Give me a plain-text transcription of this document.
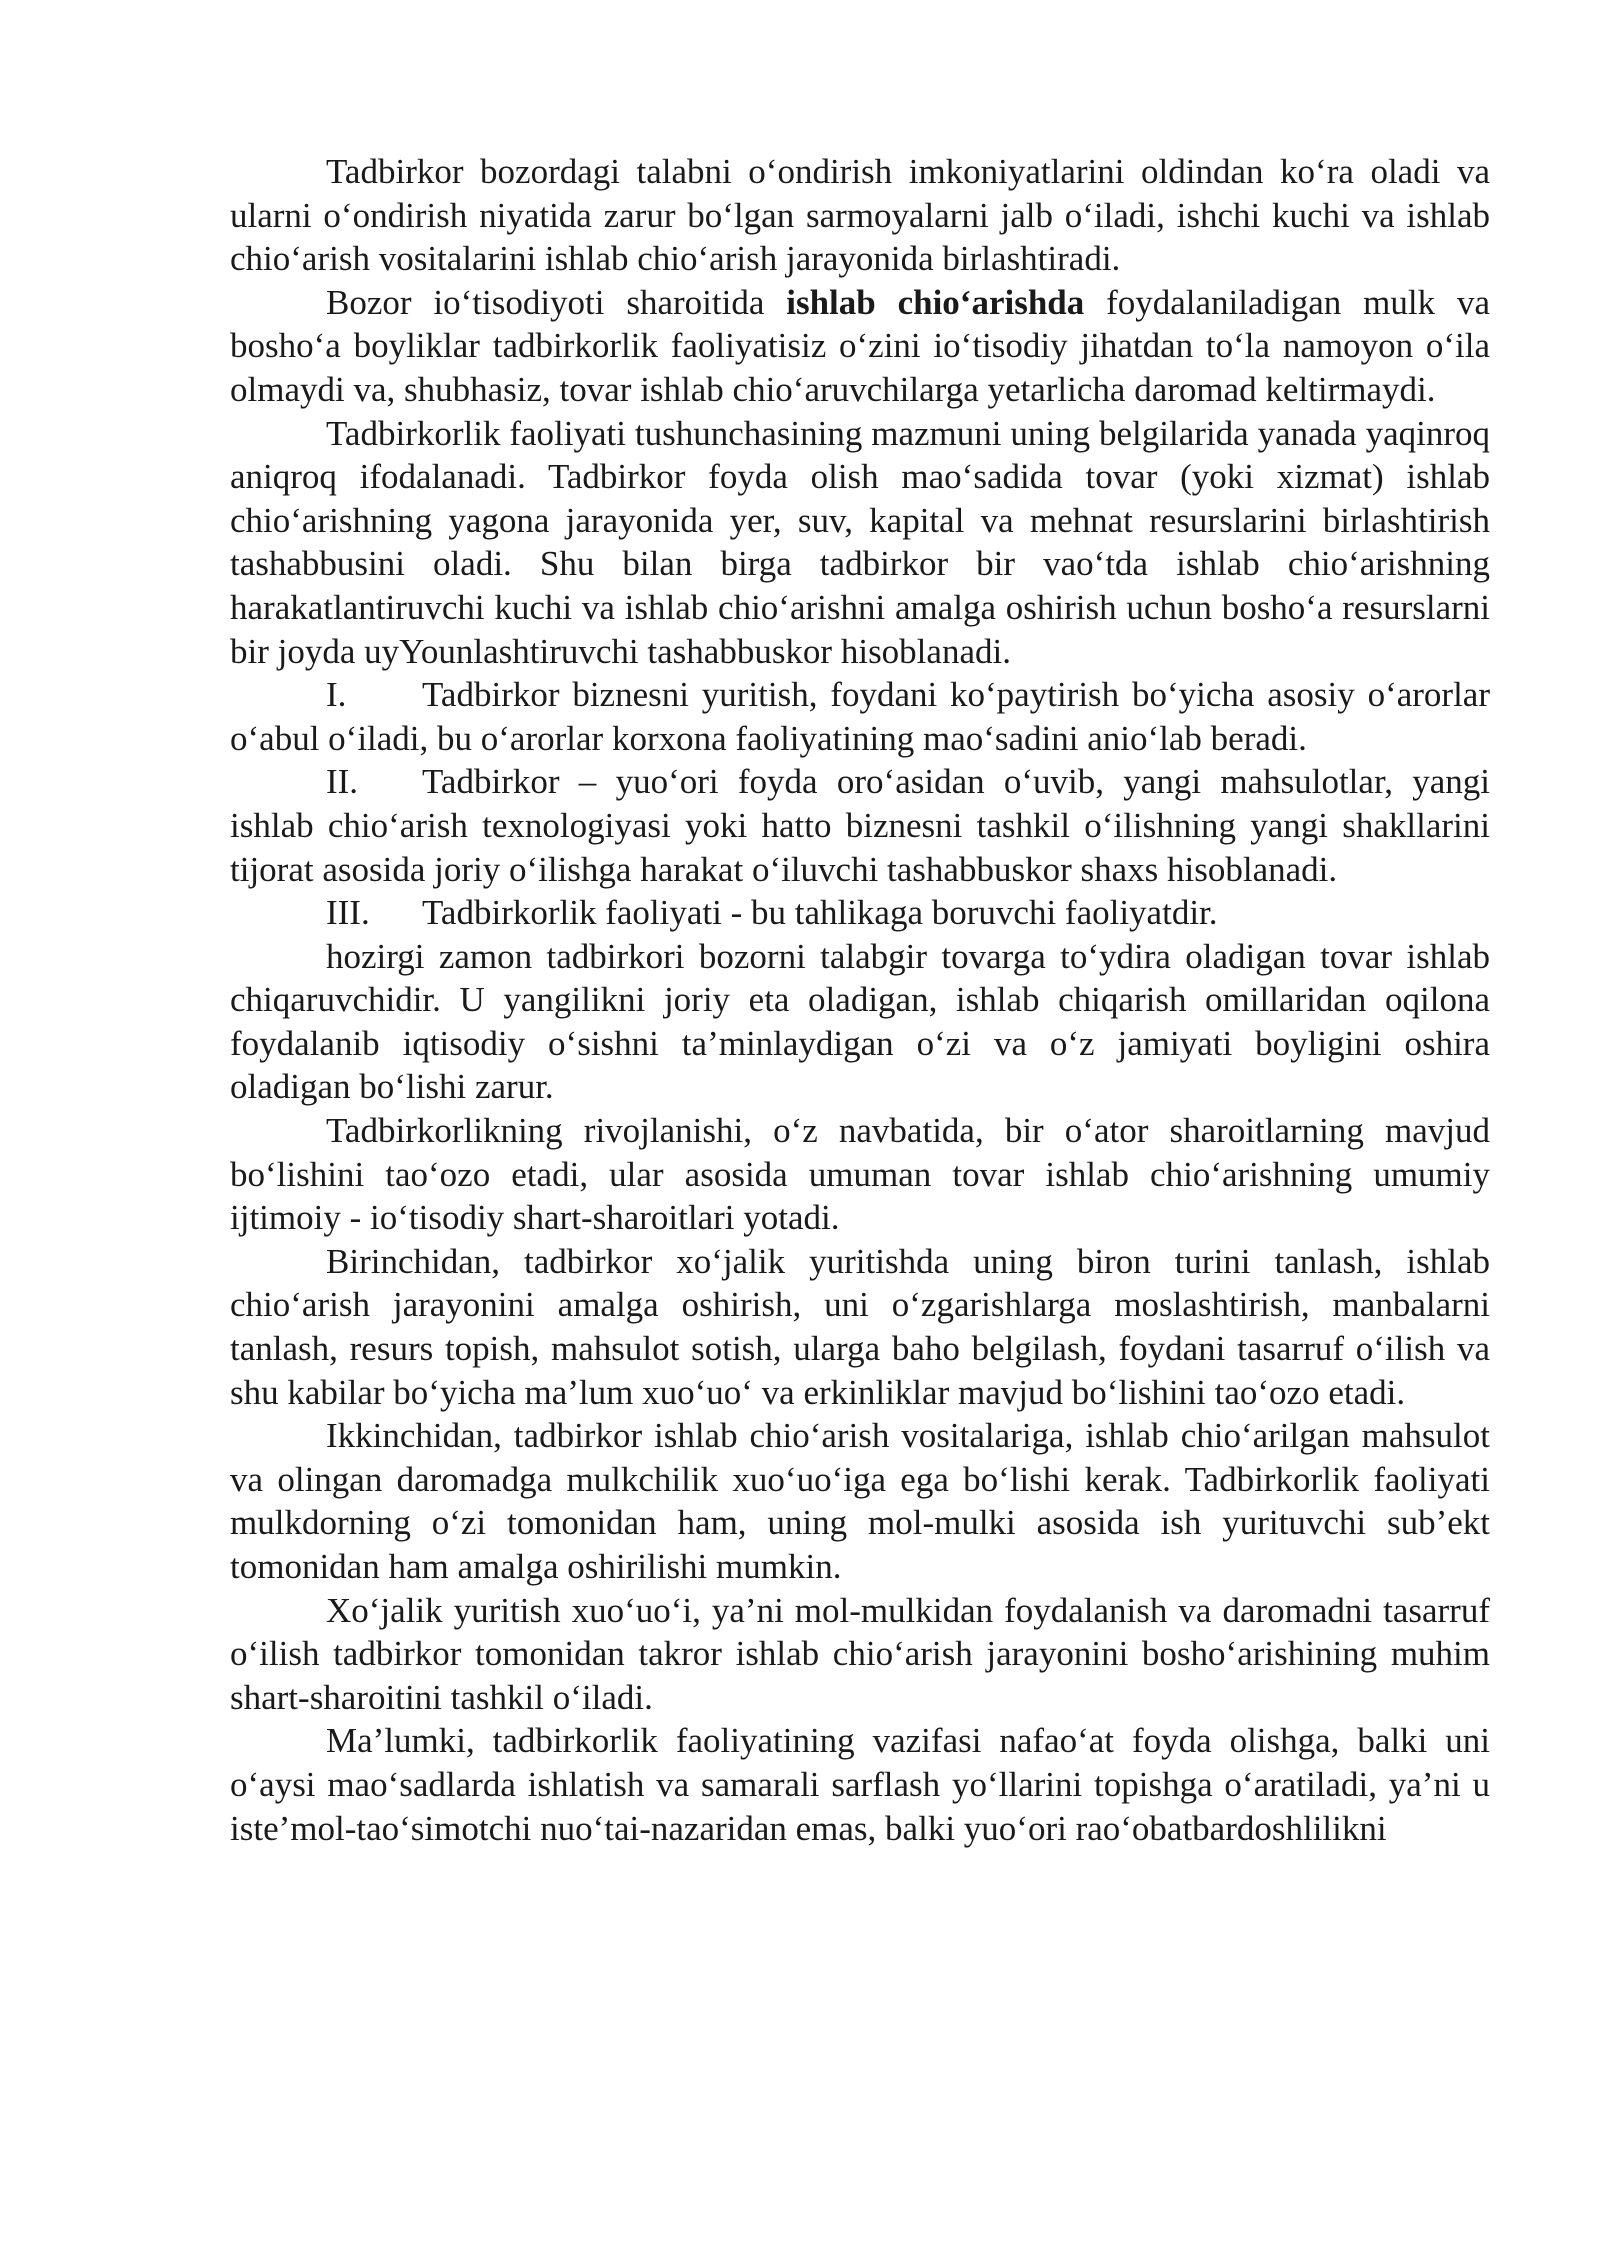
Tadbirkor bozordagi talabni o‘ondirish imkoniyatlarini oldindan ko‘ra oladi va ularni o‘ondirish niyatida zarur bo‘lgan sarmoyalarni jalb o‘iladi, ishchi kuchi va ishlab chio‘arish vositalarini ishlab chio‘arish jarayonida birlashtiradi.

Bozor io‘tisodiyoti sharoitida ishlab chio‘arishda foydalaniladigan mulk va bosho‘a boyliklar tadbirkorlik faoliyatisiz o‘zini io‘tisodiy jihatdan to‘la namoyon o‘ila olmaydi va, shubhasiz, tovar ishlab chio‘aruvchilarga yetarlicha daromad keltirmaydi.

Tadbirkorlik faoliyati tushunchasining mazmuni uning belgilarida yanada yaqinroq aniqroq ifodalanadi. Tadbirkor foyda olish mao‘sadida tovar (yoki xizmat) ishlab chio‘arishning yagona jarayonida yer, suv, kapital va mehnat resurslarini birlashtirish tashabbusini oladi. Shu bilan birga tadbirkor bir vao‘tda ishlab chio‘arishning harakatlantiruvchi kuchi va ishlab chio‘arishni amalga oshirish uchun bosho‘a resurslarni bir joyda uyYounlashtiruvchi tashabbuskor hisoblanadi.

I. Tadbirkor biznesni yuritish, foydani ko‘paytirish bo‘yicha asosiy o‘arorlar o‘abul o‘iladi, bu o‘arorlar korxona faoliyatining mao‘sadini anio‘lab beradi.

II. Tadbirkor – yuo‘ori foyda oro‘asidan o‘uvib, yangi mahsulotlar, yangi ishlab chio‘arish texnologiyasi yoki hatto biznesni tashkil o‘ilishning yangi shakllarini tijorat asosida joriy o‘ilishga harakat o‘iluvchi tashabbuskor shaxs hisoblanadi.

III. Tadbirkorlik faoliyati - bu tahlikaga boruvchi faoliyatdir.

hozirgi zamon tadbirkori bozorni talabgir tovarga to‘ydira oladigan tovar ishlab chiqaruvchidir. U yangilikni joriy eta oladigan, ishlab chiqarish omillaridan oqilona foydalanib iqtisodiy o‘sishni ta’minlaydigan o‘zi va o‘z jamiyati boyligini oshira oladigan bo‘lishi zarur.

Tadbirkorlikning rivojlanishi, o‘z navbatida, bir o‘ator sharoitlarning mavjud bo‘lishini tao‘ozo etadi, ular asosida umuman tovar ishlab chio‘arishning umumiy ijtimoiy - io‘tisodiy shart-sharoitlari yotadi.

Birinchidan, tadbirkor xo‘jalik yuritishda uning biron turini tanlash, ishlab chio‘arish jarayonini amalga oshirish, uni o‘zgarishlarga moslashtirish, manbalarni tanlash, resurs topish, mahsulot sotish, ularga baho belgilash, foydani tasarruf o‘ilish va shu kabilar bo‘yicha ma’lum xuo‘uo‘ va erkinliklar mavjud bo‘lishini tao‘ozo etadi.

Ikkinchidan, tadbirkor ishlab chio‘arish vositalariga, ishlab chio‘arilgan mahsulot va olingan daromadga mulkchilik xuo‘uo‘iga ega bo‘lishi kerak. Tadbirkorlik faoliyati mulkdorning o‘zi tomonidan ham, uning mol-mulki asosida ish yurituvchi sub’ekt tomonidan ham amalga oshirilishi mumkin.

Xo‘jalik yuritish xuo‘uo‘i, ya’ni mol-mulkidan foydalanish va daromadni tasarruf o‘ilish tadbirkor tomonidan takror ishlab chio‘arish jarayonini bosho‘arishining muhim shart-sharoitini tashkil o‘iladi.

Ma’lumki, tadbirkorlik faoliyatining vazifasi nafao‘at foyda olishga, balki uni o‘aysi mao‘sadlarda ishlatish va samarali sarflash yo‘llarini topishga o‘aratiladi, ya’ni u iste’mol-tao‘simotchi nuo‘tai-nazaridan emas, balki yuo‘ori rao‘obatbardoshlilikni
